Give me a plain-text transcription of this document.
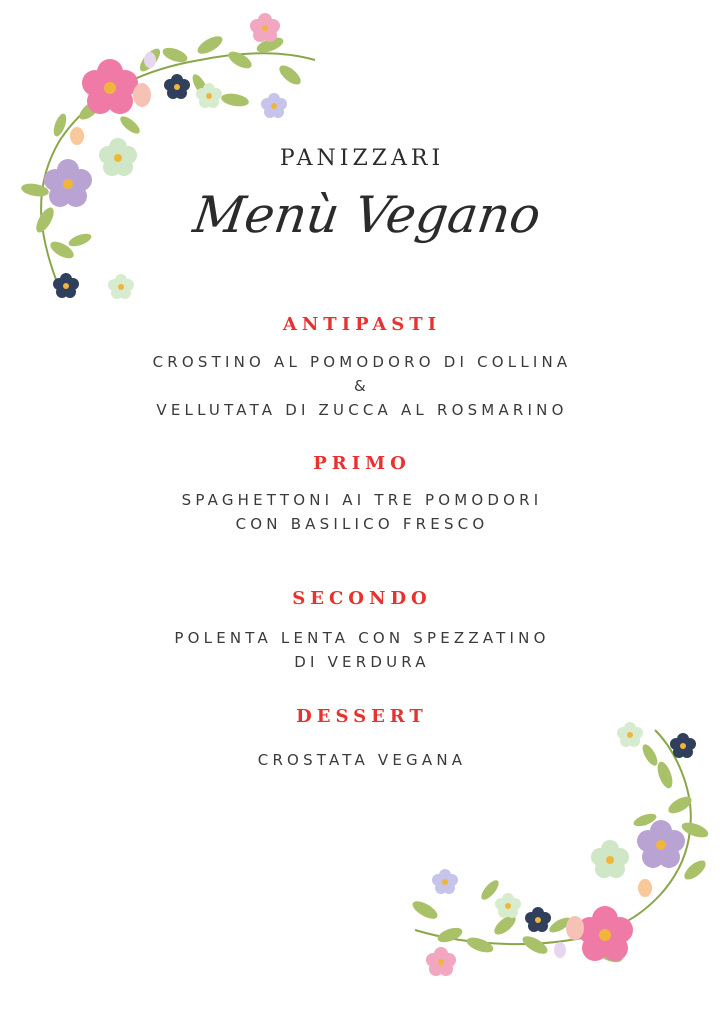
PANIZZARI
Menù Vegano
ANTIPASTI
CROSTINO AL POMODORO DI COLLINA
&
VELLUTATA DI ZUCCA AL ROSMARINO
PRIMO
SPAGHETTONI AI TRE POMODORI
CON BASILICO FRESCO
SECONDO
POLENTA LENTA CON SPEZZATINO
DI VERDURA
DESSERT
CROSTATA VEGANA
